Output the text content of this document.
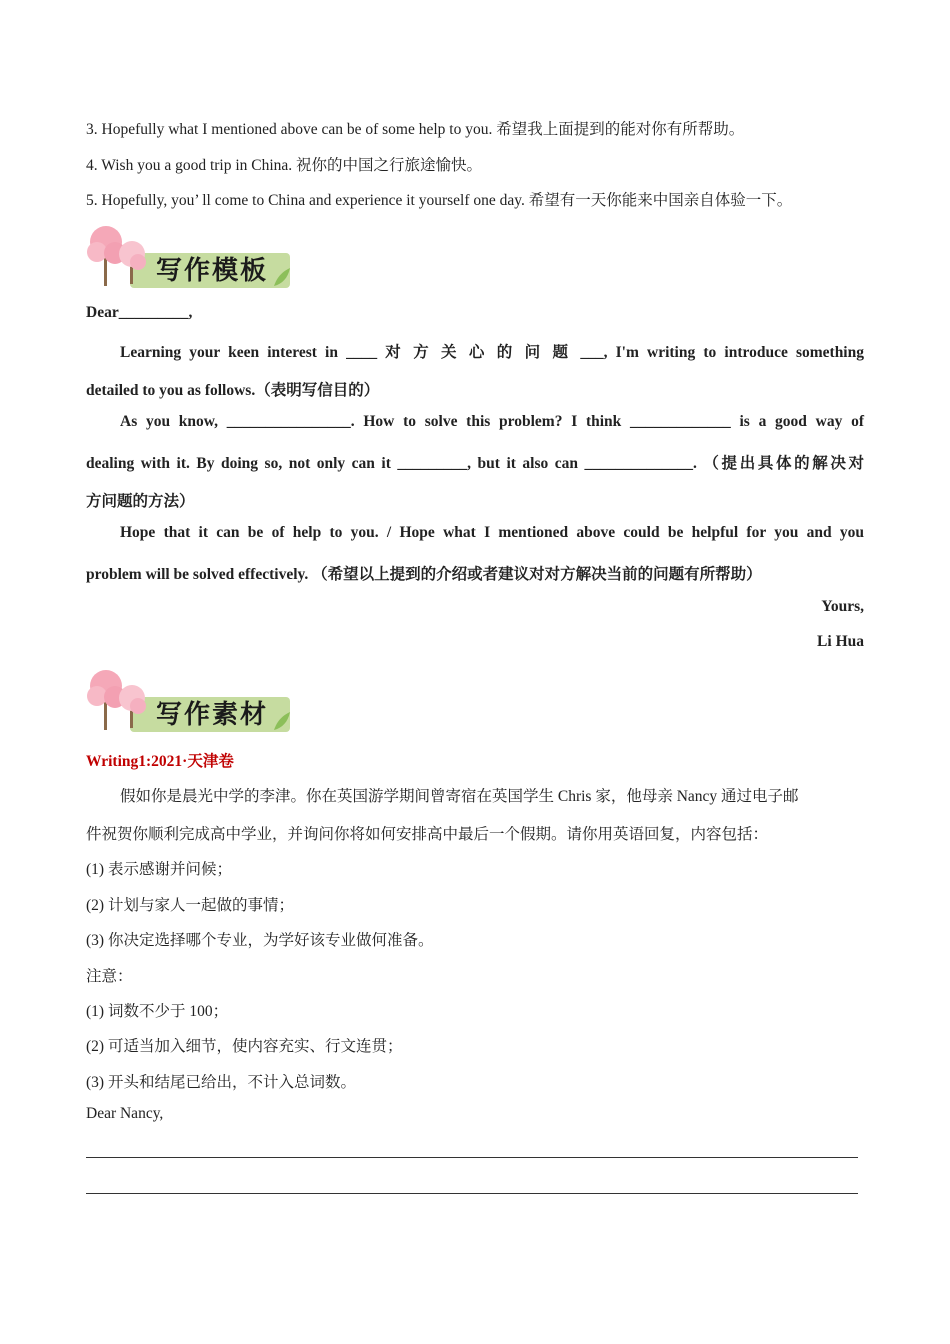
3. Hopefully what I mentioned above can be of some help to you. 希望我上面提到的能对你有所帮助。
4. Wish you a good trip in China. 祝你的中国之行旅途愉快。
5. Hopefully, you’ ll come to China and experience it yourself one day. 希望有一天你能来中国亲自体验一下。
写作模板
Dear_________,
Learning your keen interest in ____ 对 方 关 心 的 问 题 ___, I'm writing to introduce something
detailed to you as follows.（表明写信目的）
As you know, ________________. How to solve this problem? I think _____________ is a good way of
dealing with it. By doing so, not only can it _________, but it also can ______________. （提出具体的解决对
方问题的方法）
Hope that it can be of help to you. / Hope what I mentioned above could be helpful for you and you
problem will be solved effectively. （希望以上提到的介绍或者建议对对方解决当前的问题有所帮助）
Yours,
Li Hua
写作素材
Writing1:2021·天津卷
假如你是晨光中学的李津。你在英国游学期间曾寄宿在英国学生 Chris 家，他母亲 Nancy 通过电子邮
件祝贺你顺利完成高中学业，并询问你将如何安排高中最后一个假期。请你用英语回复，内容包括：
(1) 表示感谢并问候；
(2) 计划与家人一起做的事情；
(3) 你决定选择哪个专业，为学好该专业做何准备。
注意：
(1) 词数不少于 100；
(2) 可适当加入细节，使内容充实、行文连贯；
(3) 开头和结尾已给出，不计入总词数。
Dear Nancy,
